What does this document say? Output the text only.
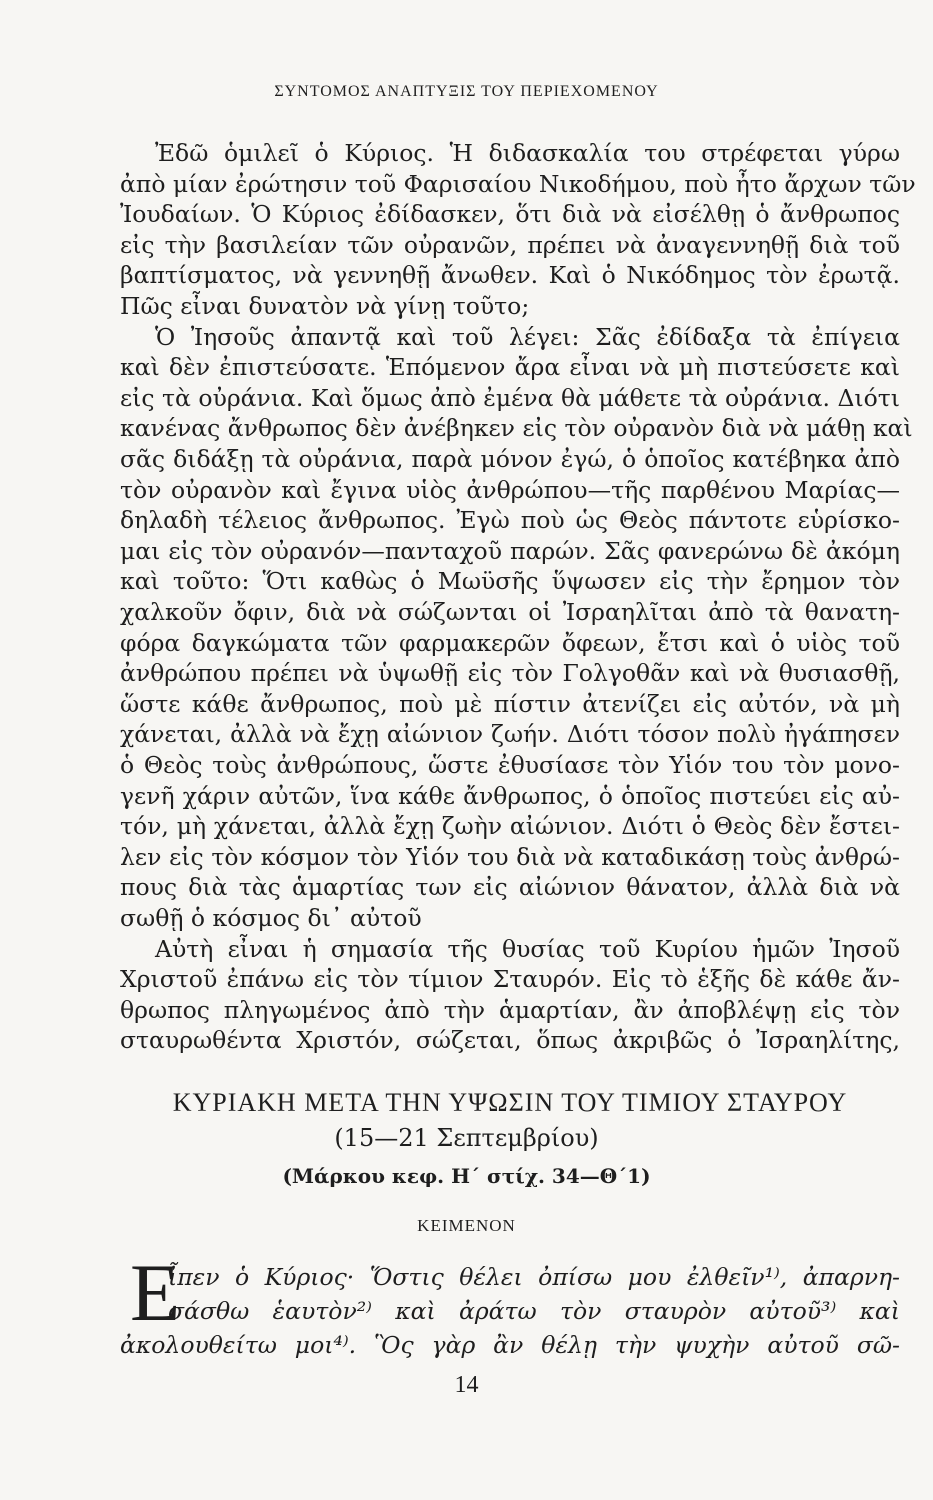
ΣΥΝΤΟΜΟΣ ΑΝΑΠΤΥΞΙΣ ΤΟΥ ΠΕΡΙΕΧΟΜΕΝΟΥ
Ἐδῶ ὁμιλεῖ ὁ Κύριος. Ἡ διδασκαλία του στρέφεται γύρω
ἀπὸ μίαν ἐρώτησιν τοῦ Φαρισαίου Νικοδήμου, ποὺ ἦτο ἄρχων τῶν
Ἰουδαίων. Ὁ Κύριος ἐδίδασκεν, ὅτι διὰ νὰ εἰσέλθῃ ὁ ἄνθρωπος
εἰς τὴν βασιλείαν τῶν οὐρανῶν, πρέπει νὰ ἀναγεννηθῇ διὰ τοῦ
βαπτίσματος, νὰ γεννηθῇ ἄνωθεν. Καὶ ὁ Νικόδημος τὸν ἐρωτᾷ.
Πῶς εἶναι δυνατὸν νὰ γίνῃ τοῦτο;
Ὁ Ἰησοῦς ἀπαντᾷ καὶ τοῦ λέγει: Σᾶς ἐδίδαξα τὰ ἐπίγεια
καὶ δὲν ἐπιστεύσατε. Ἑπόμενον ἄρα εἶναι νὰ μὴ πιστεύσετε καὶ
εἰς τὰ οὐράνια. Καὶ ὅμως ἀπὸ ἐμένα θὰ μάθετε τὰ οὐράνια. Διότι
κανένας ἄνθρωπος δὲν ἀνέβηκεν εἰς τὸν οὐρανὸν διὰ νὰ μάθῃ καὶ
σᾶς διδάξῃ τὰ οὐράνια, παρὰ μόνον ἐγώ, ὁ ὁποῖος κατέβηκα ἀπὸ
τὸν οὐρανὸν καὶ ἔγινα υἱὸς ἀνθρώπου—τῆς παρθένου Μαρίας—
δηλαδὴ τέλειος ἄνθρωπος. Ἐγὼ ποὺ ὡς Θεὸς πάντοτε εὑρίσκο-
μαι εἰς τὸν οὐρανόν—πανταχοῦ παρών. Σᾶς φανερώνω δὲ ἀκόμη
καὶ τοῦτο: Ὅτι καθὼς ὁ Μωϋσῆς ὕψωσεν εἰς τὴν ἔρημον τὸν
χαλκοῦν ὄφιν, διὰ νὰ σώζωνται οἱ Ἰσραηλῖται ἀπὸ τὰ θανατη-
φόρα δαγκώματα τῶν φαρμακερῶν ὄφεων, ἔτσι καὶ ὁ υἱὸς τοῦ
ἀνθρώπου πρέπει νὰ ὑψωθῇ εἰς τὸν Γολγοθᾶν καὶ νὰ θυσιασθῇ,
ὥστε κάθε ἄνθρωπος, ποὺ μὲ πίστιν ἀτενίζει εἰς αὐτόν, νὰ μὴ
χάνεται, ἀλλὰ νὰ ἔχῃ αἰώνιον ζωήν. Διότι τόσον πολὺ ἠγάπησεν
ὁ Θεὸς τοὺς ἀνθρώπους, ὥστε ἐθυσίασε τὸν Υἱόν του τὸν μονο-
γενῆ χάριν αὐτῶν, ἵνα κάθε ἄνθρωπος, ὁ ὁποῖος πιστεύει εἰς αὐ-
τόν, μὴ χάνεται, ἀλλὰ ἔχῃ ζωὴν αἰώνιον. Διότι ὁ Θεὸς δὲν ἔστει-
λεν εἰς τὸν κόσμον τὸν Υἱόν του διὰ νὰ καταδικάσῃ τοὺς ἀνθρώ-
πους διὰ τὰς ἁμαρτίας των εἰς αἰώνιον θάνατον, ἀλλὰ διὰ νὰ
σωθῇ ὁ κόσμος δι᾽ αὐτοῦ
Αὐτὴ εἶναι ἡ σημασία τῆς θυσίας τοῦ Κυρίου ἡμῶν Ἰησοῦ
Χριστοῦ ἐπάνω εἰς τὸν τίμιον Σταυρόν. Εἰς τὸ ἑξῆς δὲ κάθε ἄν-
θρωπος πληγωμένος ἀπὸ τὴν ἁμαρτίαν, ἂν ἀποβλέψῃ εἰς τὸν
σταυρωθέντα Χριστόν, σώζεται, ὅπως ἀκριβῶς ὁ Ἰσραηλίτης,
ΚΥΡΙΑΚΗ ΜΕΤΑ ΤΗΝ ΥΨΩΣΙΝ ΤΟΥ ΤΙΜΙΟΥ ΣΤΑΥΡΟΥ
(15—21 Σεπτεμβρίου)
(Μάρκου κεφ. Η΄ στίχ. 34—Θ΄1)
ΚΕΙΜΕΝΟΝ
E
ἶπεν ὁ Κύριος· Ὅστις θέλει ὀπίσω μου ἐλθεῖν¹⁾, ἀπαρνη-
σάσθω ἑαυτὸν²⁾ καὶ ἀράτω τὸν σταυρὸν αὐτοῦ³⁾ καὶ
ἀκολουθείτω μοι⁴⁾. Ὃς γὰρ ἂν θέλῃ τὴν ψυχὴν αὐτοῦ σῶ-
14
